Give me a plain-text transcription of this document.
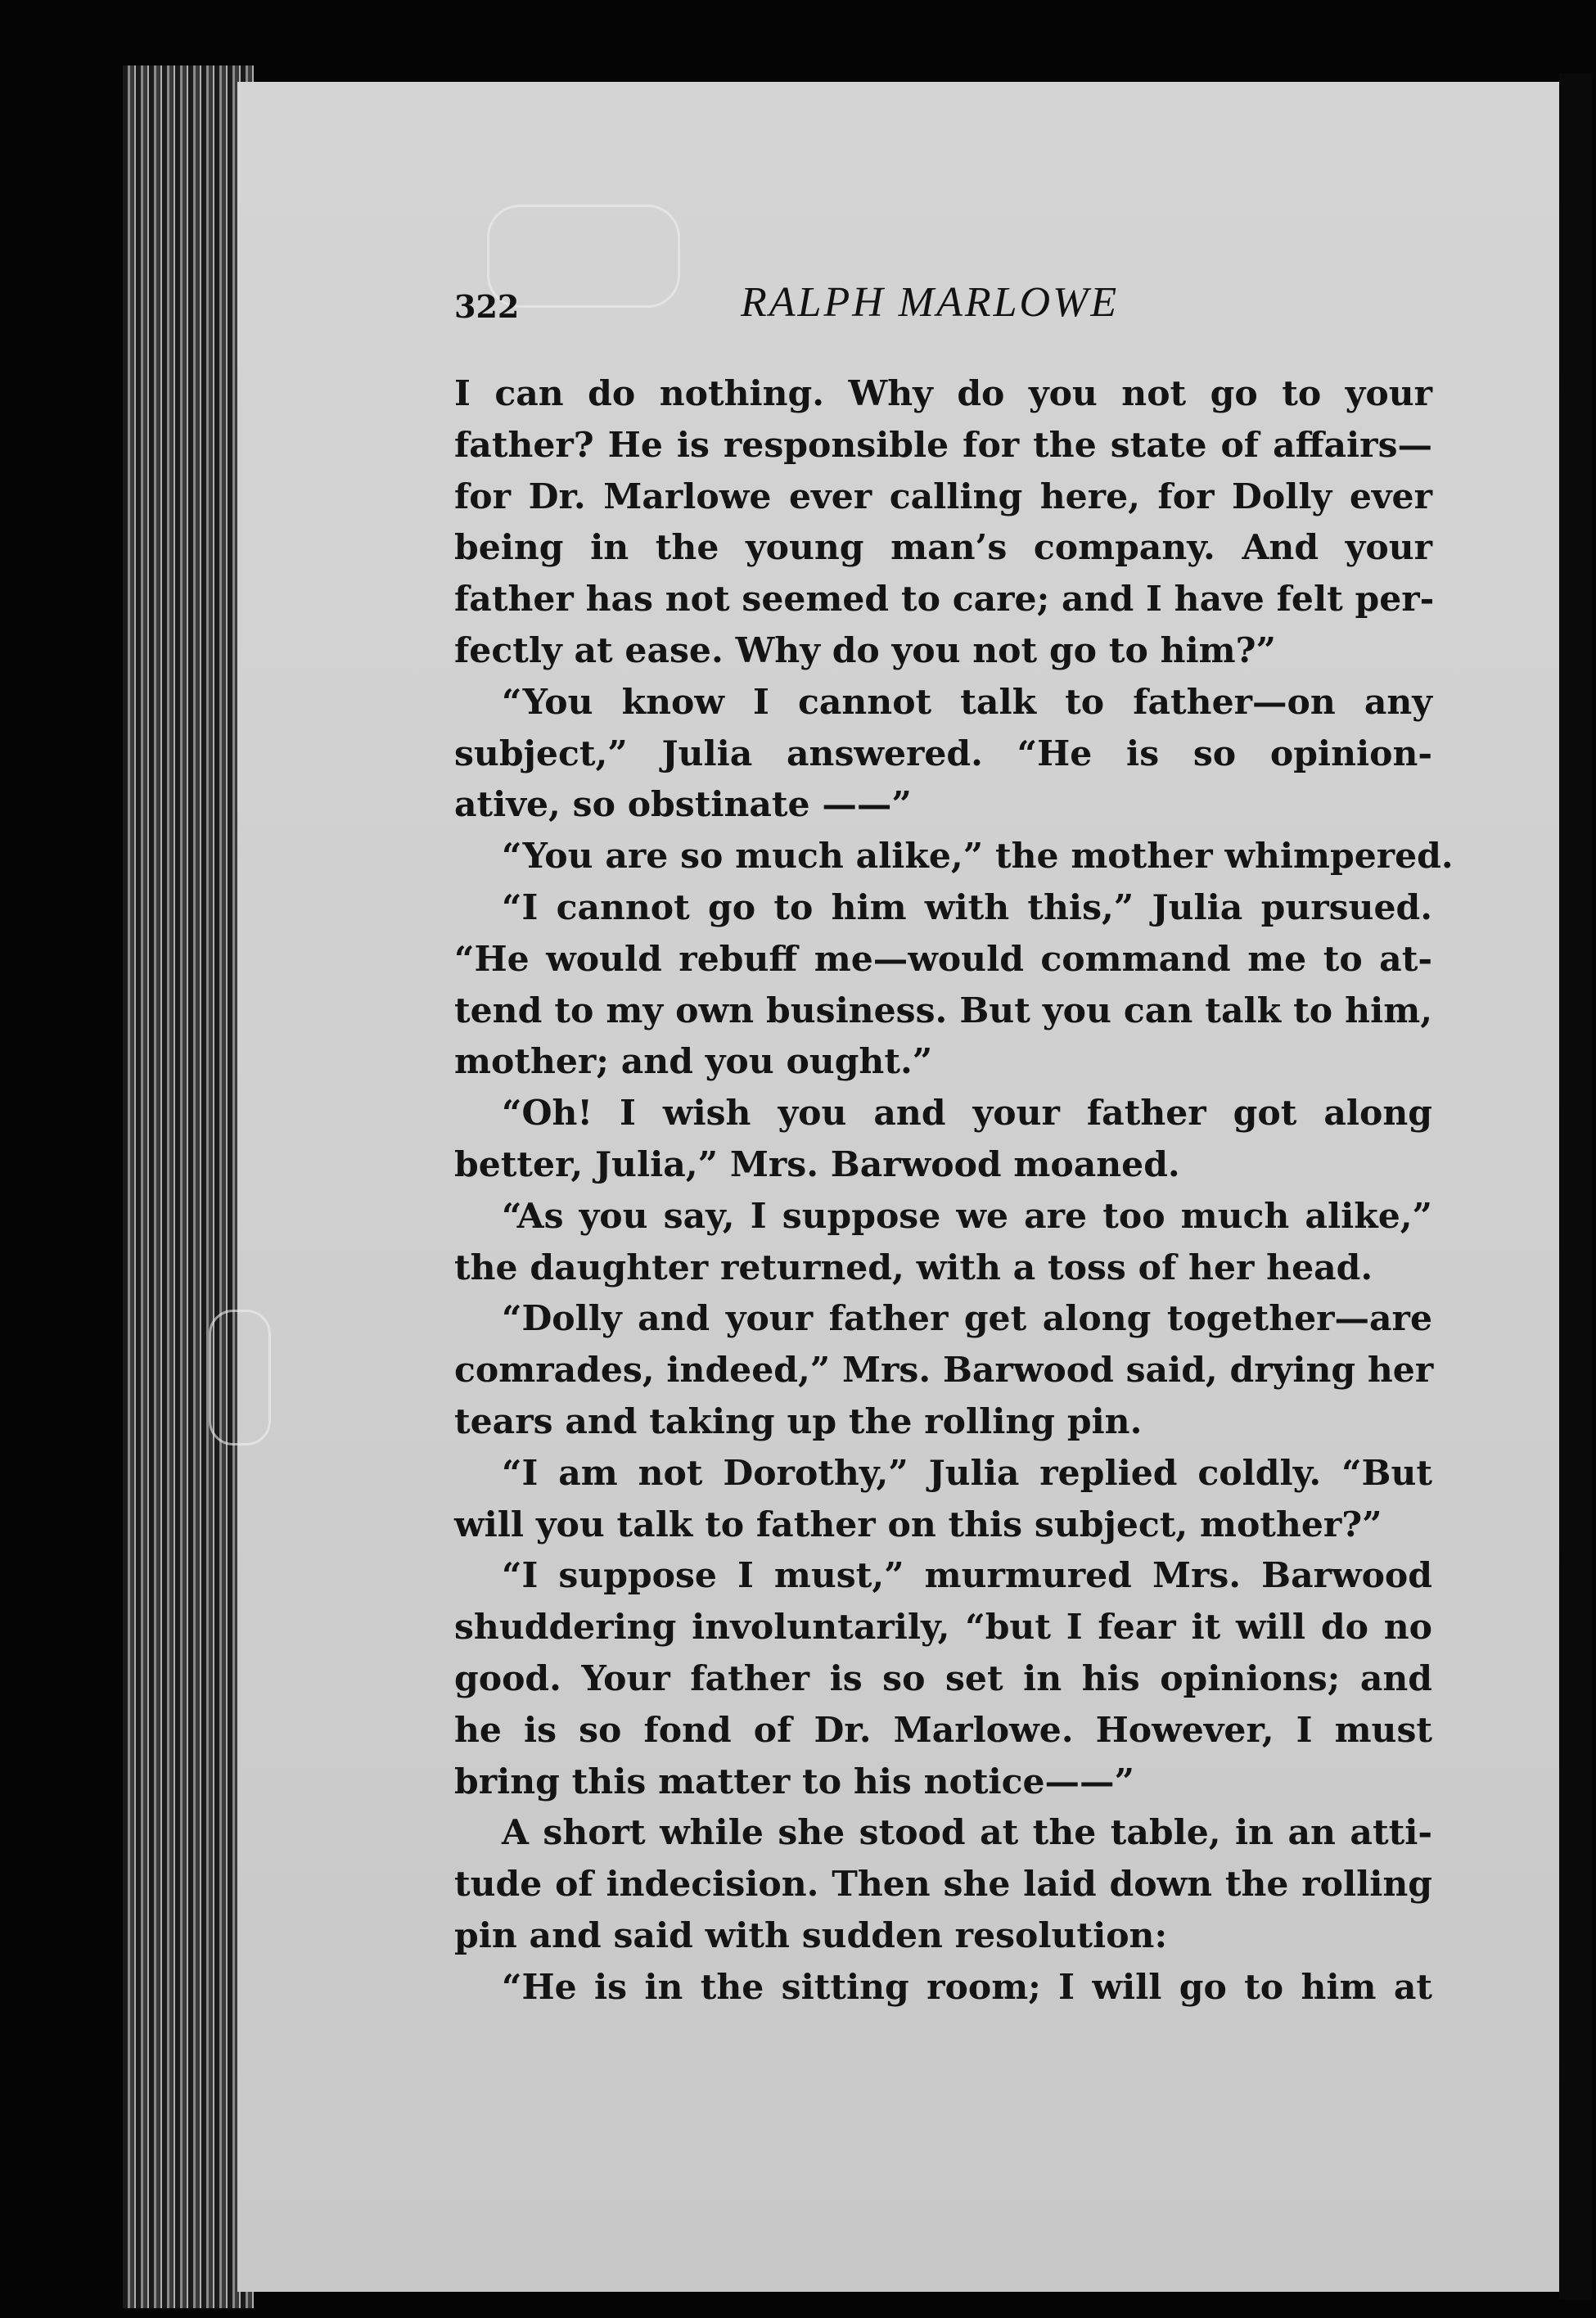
322	RALPH MARLOWE
I can do nothing. Why do you not go to your
father? He is responsible for the state of affairs—
for Dr. Marlowe ever calling here, for Dolly ever
being in the young man’s company. And your
father has not seemed to care; and I have felt per-
fectly at ease. Why do you not go to him?”
“You know I cannot talk to father—on any
subject,” Julia answered. “He is so opinion-
ative, so obstinate ——”
“You are so much alike,” the mother whimpered.
“I cannot go to him with this,” Julia pursued.
“He would rebuff me—would command me to at-
tend to my own business. But you can talk to him,
mother; and you ought.”
“Oh! I wish you and your father got along
better, Julia,” Mrs. Barwood moaned.
“As you say, I suppose we are too much alike,”
the daughter returned, with a toss of her head.
“Dolly and your father get along together—are
comrades, indeed,” Mrs. Barwood said, drying her
tears and taking up the rolling pin.
“I am not Dorothy,” Julia replied coldly. “But
will you talk to father on this subject, mother?”
“I suppose I must,” murmured Mrs. Barwood
shuddering involuntarily, “but I fear it will do no
good. Your father is so set in his opinions; and
he is so fond of Dr. Marlowe. However, I must
bring this matter to his notice——”
A short while she stood at the table, in an atti-
tude of indecision. Then she laid down the rolling
pin and said with sudden resolution:
“He is in the sitting room; I will go to him at
